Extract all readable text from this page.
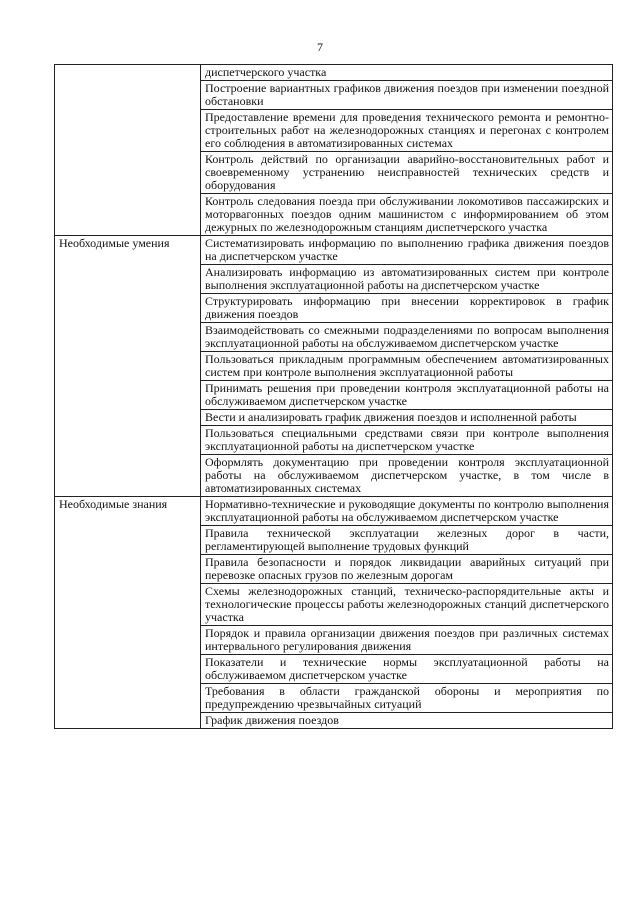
7
	диспетчерского участка
	Построение вариантных графиков движения поездов при изменении поездной обстановки
	Предоставление времени для проведения технического ремонта и ремонтно-строительных работ на железнодорожных станциях и перегонах с контролем его соблюдения в автоматизированных системах
	Контроль действий по организации аварийно-восстановительных работ и своевременному устранению неисправностей технических средств и оборудования
	Контроль следования поезда при обслуживании локомотивов пассажирских и моторвагонных поездов одним машинистом с информированием об этом дежурных по железнодорожным станциям диспетчерского участка
Необходимые умения	Систематизировать информацию по выполнению графика движения поездов на диспетчерском участке
	Анализировать информацию из автоматизированных систем при контроле выполнения эксплуатационной работы на диспетчерском участке
	Структурировать информацию при внесении корректировок в график движения поездов
	Взаимодействовать со смежными подразделениями по вопросам выполнения эксплуатационной работы на обслуживаемом диспетчерском участке
	Пользоваться прикладным программным обеспечением автоматизированных систем при контроле выполнения эксплуатационной работы
	Принимать решения при проведении контроля эксплуатационной работы на обслуживаемом диспетчерском участке
	Вести и анализировать график движения поездов и исполненной работы
	Пользоваться специальными средствами связи при контроле выполнения эксплуатационной работы на диспетчерском участке
	Оформлять документацию при проведении контроля эксплуатационной работы на обслуживаемом диспетчерском участке, в том числе в автоматизированных системах
Необходимые знания	Нормативно-технические и руководящие документы по контролю выполнения эксплуатационной работы на обслуживаемом диспетчерском участке
	Правила технической эксплуатации железных дорог в части, регламентирующей выполнение трудовых функций
	Правила безопасности и порядок ликвидации аварийных ситуаций при перевозке опасных грузов по железным дорогам
	Схемы железнодорожных станций, техническо-распорядительные акты и технологические процессы работы железнодорожных станций диспетчерского участка
	Порядок и правила организации движения поездов при различных системах интервального регулирования движения
	Показатели и технические нормы эксплуатационной работы на обслуживаемом диспетчерском участке
	Требования в области гражданской обороны и мероприятия по предупреждению чрезвычайных ситуаций
	График движения поездов
